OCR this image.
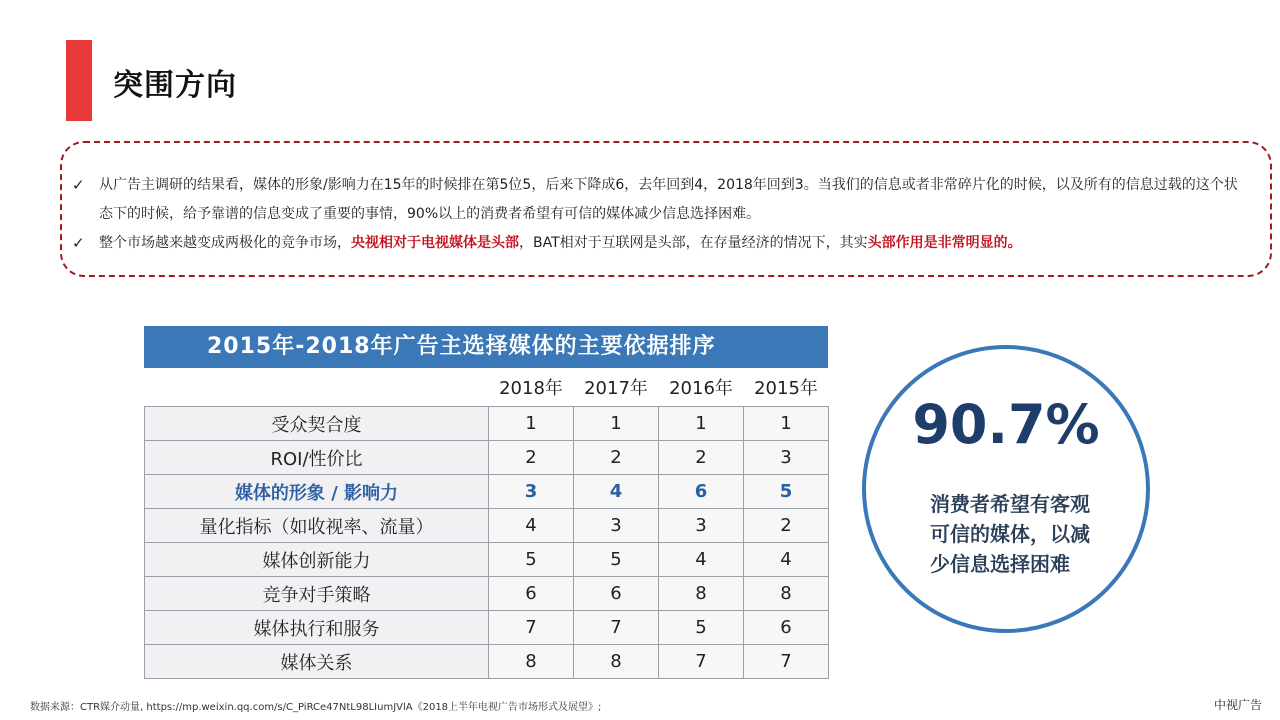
突围方向
✓ 从广告主调研的结果看，媒体的形象/影响力在15年的时候排在第5位5，后来下降成6，去年回到4，2018年回到3。当我们的信息或者非常碎片化的时候，以及所有的信息过载的这个状态下的时候，给予靠谱的信息变成了重要的事情，90%以上的消费者希望有可信的媒体减少信息选择困难。
✓ 整个市场越来越变成两极化的竞争市场，央视相对于电视媒体是头部，BAT相对于互联网是头部，在存量经济的情况下，其实头部作用是非常明显的。
2015年-2018年广告主选择媒体的主要依据排序
	2018年	2017年	2016年	2015年
受众契合度	1	1	1	1
ROI/性价比	2	2	2	3
媒体的形象 / 影响力	3	4	6	5
量化指标（如收视率、流量）	4	3	3	2
媒体创新能力	5	5	4	4
竞争对手策略	6	6	8	8
媒体执行和服务	7	7	5	6
媒体关系	8	8	7	7
90.7%
消费者希望有客观可信的媒体，以减少信息选择困难
数据来源：CTR媒介动量, https://mp.weixin.qq.com/s/C_PiRCe47NtL98LIumJVlA《2018上半年电视广告市场形式及展望》;	中视广告
